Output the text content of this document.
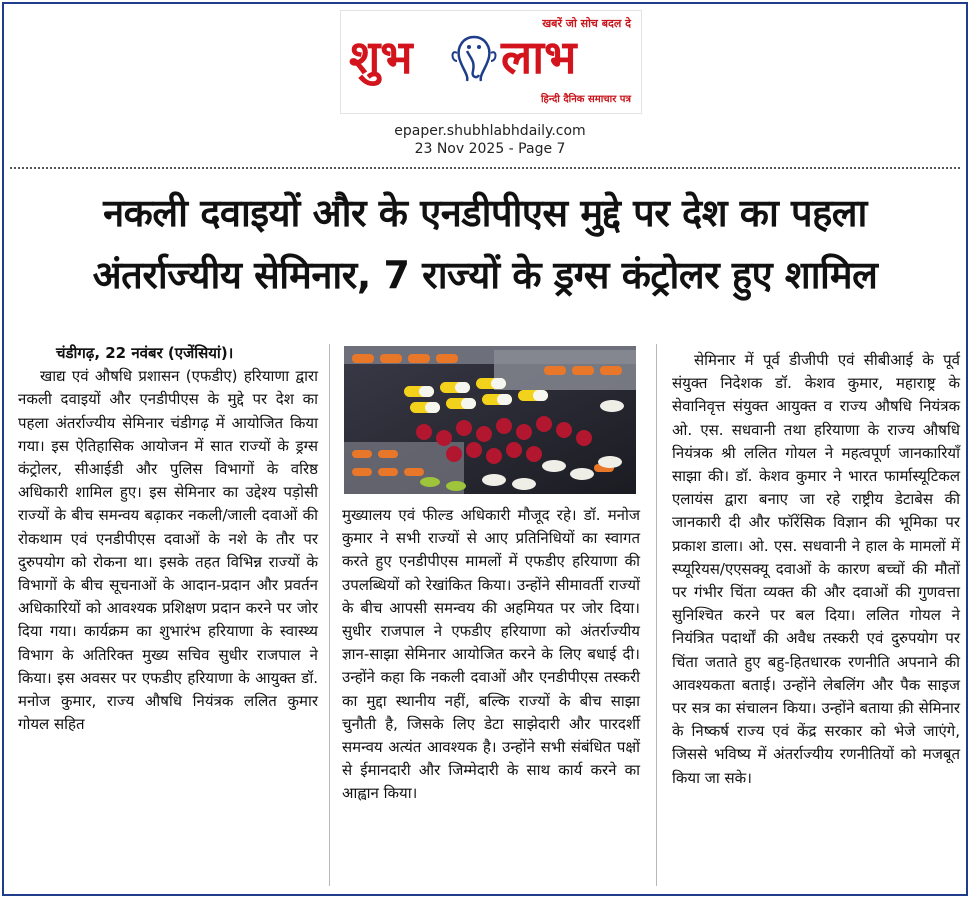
खबरें जो सोच बदल दे
शुभ लाभ
हिन्दी दैनिक समाचार पत्र
epaper.shubhlabhdaily.com
23 Nov 2025 - Page 7
नकली दवाइयों और के एनडीपीएस मुद्दे पर देश का पहला
अंतर्राज्यीय सेमिनार, 7 राज्यों के ड्रग्स कंट्रोलर हुए शामिल

चंडीगढ़, 22 नवंबर (एजेंसियां)।

खाद्य एवं औषधि प्रशासन (एफडीए) हरियाणा द्वारा नकली दवाइयों और एनडीपीएस के मुद्दे पर देश का पहला अंतर्राज्यीय सेमिनार चंडीगढ़ में आयोजित किया गया। इस ऐतिहासिक आयोजन में सात राज्यों के ड्रग्स कंट्रोलर, सीआईडी और पुलिस विभागों के वरिष्ठ अधिकारी शामिल हुए। इस सेमिनार का उद्देश्य पड़ोसी राज्यों के बीच समन्वय बढ़ाकर नकली/जाली दवाओं की रोकथाम एवं एनडीपीएस दवाओं के नशे के तौर पर दुरुपयोग को रोकना था। इसके तहत विभिन्न राज्यों के विभागों के बीच सूचनाओं के आदान-प्रदान और प्रवर्तन अधिकारियों को आवश्यक प्रशिक्षण प्रदान करने पर जोर दिया गया। कार्यक्रम का शुभारंभ हरियाणा के स्वास्थ्य विभाग के अतिरिक्त मुख्य सचिव सुधीर राजपाल ने किया। इस अवसर पर एफडीए हरियाणा के आयुक्त डॉ. मनोज कुमार, राज्य औषधि नियंत्रक ललित कुमार गोयल सहित

मुख्यालय एवं फील्ड अधिकारी मौजूद रहे। डॉ. मनोज कुमार ने सभी राज्यों से आए प्रतिनिधियों का स्वागत करते हुए एनडीपीएस मामलों में एफडीए हरियाणा की उपलब्धियों को रेखांकित किया। उन्होंने सीमावर्ती राज्यों के बीच आपसी समन्वय की अहमियत पर जोर दिया। सुधीर राजपाल ने एफडीए हरियाणा को अंतर्राज्यीय ज्ञान-साझा सेमिनार आयोजित करने के लिए बधाई दी। उन्होंने कहा कि नकली दवाओं और एनडीपीएस तस्करी का मुद्दा स्थानीय नहीं, बल्कि राज्यों के बीच साझा चुनौती है, जिसके लिए डेटा साझेदारी और पारदर्शी समन्वय अत्यंत आवश्यक है। उन्होंने सभी संबंधित पक्षों से ईमानदारी और जिम्मेदारी के साथ कार्य करने का आह्वान किया।

सेमिनार में पूर्व डीजीपी एवं सीबीआई के पूर्व संयुक्त निदेशक डॉ. केशव कुमार, महाराष्ट्र के सेवानिवृत्त संयुक्त आयुक्त व राज्य औषधि नियंत्रक ओ. एस. सधवानी तथा हरियाणा के राज्य औषधि नियंत्रक श्री ललित गोयल ने महत्वपूर्ण जानकारियाँ साझा की। डॉ. केशव कुमार ने भारत फार्मास्यूटिकल एलायंस द्वारा बनाए जा रहे राष्ट्रीय डेटाबेस की जानकारी दी और फॉरेंसिक विज्ञान की भूमिका पर प्रकाश डाला। ओ. एस. सधवानी ने हाल के मामलों में स्प्यूरियस/एएसक्यू दवाओं के कारण बच्चों की मौतों पर गंभीर चिंता व्यक्त की और दवाओं की गुणवत्ता सुनिश्चित करने पर बल दिया। ललित गोयल ने नियंत्रित पदार्थों की अवैध तस्करी एवं दुरुपयोग पर चिंता जताते हुए बहु-हितधारक रणनीति अपनाने की आवश्यकता बताई। उन्होंने लेबलिंग और पैक साइज पर सत्र का संचालन किया। उन्होंने बताया क़ी सेमिनार के निष्कर्ष राज्य एवं केंद्र सरकार को भेजे जाएंगे, जिससे भविष्य में अंतर्राज्यीय रणनीतियों को मजबूत किया जा सके।
